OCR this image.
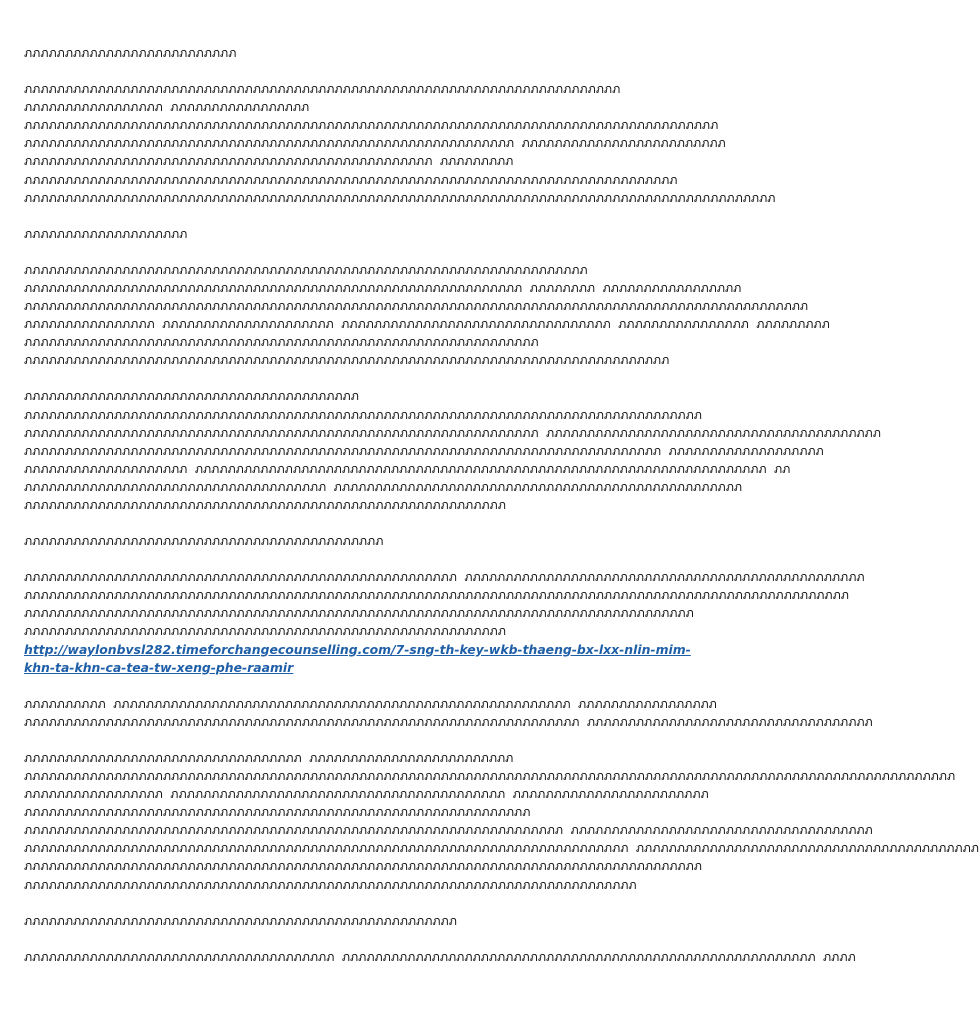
ภภภภภภภภภภภภภภภภภภภภภภภภภภ
ภภภภภภภภภภภภภภภภภภภภภภภภภภภภภภภภภภภภภภภภภภภภภภภภภภภภภภภภภภภภภภภภภภภภภภภภภ
ภภภภภภภภภภภภภภภภภ ภภภภภภภภภภภภภภภภภ
ภภภภภภภภภภภภภภภภภภภภภภภภภภภภภภภภภภภภภภภภภภภภภภภภภภภภภภภภภภภภภภภภภภภภภภภภภภภภภภภภภภภภภ
ภภภภภภภภภภภภภภภภภภภภภภภภภภภภภภภภภภภภภภภภภภภภภภภภภภภภภภภภภภภภ ภภภภภภภภภภภภภภภภภภภภภภภภภ
ภภภภภภภภภภภภภภภภภภภภภภภภภภภภภภภภภภภภภภภภภภภภภภภภภภ ภภภภภภภภภ
ภภภภภภภภภภภภภภภภภภภภภภภภภภภภภภภภภภภภภภภภภภภภภภภภภภภภภภภภภภภภภภภภภภภภภภภภภภภภภภภภ
ภภภภภภภภภภภภภภภภภภภภภภภภภภภภภภภภภภภภภภภภภภภภภภภภภภภภภภภภภภภภภภภภภภภภภภภภภภภภภภภภภภภภภภภภภภภภ
ภภภภภภภภภภภภภภภภภภภภ
ภภภภภภภภภภภภภภภภภภภภภภภภภภภภภภภภภภภภภภภภภภภภภภภภภภภภภภภภภภภภภภภภภภภภภ
ภภภภภภภภภภภภภภภภภภภภภภภภภภภภภภภภภภภภภภภภภภภภภภภภภภภภภภภภภภภภภ ภภภภภภภภ ภภภภภภภภภภภภภภภภภ
ภภภภภภภภภภภภภภภภภภภภภภภภภภภภภภภภภภภภภภภภภภภภภภภภภภภภภภภภภภภภภภภภภภภภภภภภภภภภภภภภภภภภภภภภภภภภภภภภ
ภภภภภภภภภภภภภภภภ ภภภภภภภภภภภภภภภภภภภภภ ภภภภภภภภภภภภภภภภภภภภภภภภภภภภภภภภภ ภภภภภภภภภภภภภภภภ ภภภภภภภภภ
ภภภภภภภภภภภภภภภภภภภภภภภภภภภภภภภภภภภภภภภภภภภภภภภภภภภภภภภภภภภภภภภ
ภภภภภภภภภภภภภภภภภภภภภภภภภภภภภภภภภภภภภภภภภภภภภภภภภภภภภภภภภภภภภภภภภภภภภภภภภภภภภภภ
ภภภภภภภภภภภภภภภภภภภภภภภภภภภภภภภภภภภภภภภภภ
ภภภภภภภภภภภภภภภภภภภภภภภภภภภภภภภภภภภภภภภภภภภภภภภภภภภภภภภภภภภภภภภภภภภภภภภภภภภภภภภภภภภ
ภภภภภภภภภภภภภภภภภภภภภภภภภภภภภภภภภภภภภภภภภภภภภภภภภภภภภภภภภภภภภภภ ภภภภภภภภภภภภภภภภภภภภภภภภภภภภภภภภภภภภภภภภภ
ภภภภภภภภภภภภภภภภภภภภภภภภภภภภภภภภภภภภภภภภภภภภภภภภภภภภภภภภภภภภภภภภภภภภภภภภภภภภภภ ภภภภภภภภภภภภภภภภภภภ
ภภภภภภภภภภภภภภภภภภภภ ภภภภภภภภภภภภภภภภภภภภภภภภภภภภภภภภภภภภภภภภภภภภภภภภภภภภภภภภภภภภภภภภภภภภภภ ภภ
ภภภภภภภภภภภภภภภภภภภภภภภภภภภภภภภภภภภภภ ภภภภภภภภภภภภภภภภภภภภภภภภภภภภภภภภภภภภภภภภภภภภภภภภภภ
ภภภภภภภภภภภภภภภภภภภภภภภภภภภภภภภภภภภภภภภภภภภภภภภภภภภภภภภภภภภ
ภภภภภภภภภภภภภภภภภภภภภภภภภภภภภภภภภภภภภภภภภภภภ
ภภภภภภภภภภภภภภภภภภภภภภภภภภภภภภภภภภภภภภภภภภภภภภภภภภภภภ ภภภภภภภภภภภภภภภภภภภภภภภภภภภภภภภภภภภภภภภภภภภภภภภภภ
ภภภภภภภภภภภภภภภภภภภภภภภภภภภภภภภภภภภภภภภภภภภภภภภภภภภภภภภภภภภภภภภภภภภภภภภภภภภภภภภภภภภภภภภภภภภภภภภภภภภภภ
ภภภภภภภภภภภภภภภภภภภภภภภภภภภภภภภภภภภภภภภภภภภภภภภภภภภภภภภภภภภภภภภภภภภภภภภภภภภภภภภภภภ
ภภภภภภภภภภภภภภภภภภภภภภภภภภภภภภภภภภภภภภภภภภภภภภภภภภภภภภภภภภภ
http://waylonbvsl282.timeforchangecounselling.com/7-sng-th-key-wkb-thaeng-bx-lxx-nlin-mim-khn-ta-khn-ca-tea-tw-xeng-phe-raamir
ภภภภภภภภภภ ภภภภภภภภภภภภภภภภภภภภภภภภภภภภภภภภภภภภภภภภภภภภภภภภภภภภภภภภ ภภภภภภภภภภภภภภภภภ
ภภภภภภภภภภภภภภภภภภภภภภภภภภภภภภภภภภภภภภภภภภภภภภภภภภภภภภภภภภภภภภภภภภภภ ภภภภภภภภภภภภภภภภภภภภภภภภภภภภภภภภภภภ
ภภภภภภภภภภภภภภภภภภภภภภภภภภภภภภภภภภ ภภภภภภภภภภภภภภภภภภภภภภภภภ
ภภภภภภภภภภภภภภภภภภภภภภภภภภภภภภภภภภภภภภภภภภภภภภภภภภภภภภภภภภภภภภภภภภภภภภภภภภภภภภภภภภภภภภภภภภภภภภภภภภภภภภภภภภภภภภภภภภ
ภภภภภภภภภภภภภภภภภ ภภภภภภภภภภภภภภภภภภภภภภภภภภภภภภภภภภภภภภภภภ ภภภภภภภภภภภภภภภภภภภภภภภภ
ภภภภภภภภภภภภภภภภภภภภภภภภภภภภภภภภภภภภภภภภภภภภภภภภภภภภภภภภภภภภภภ
ภภภภภภภภภภภภภภภภภภภภภภภภภภภภภภภภภภภภภภภภภภภภภภภภภภภภภภภภภภภภภภภภภภ ภภภภภภภภภภภภภภภภภภภภภภภภภภภภภภภภภภภภภ
ภภภภภภภภภภภภภภภภภภภภภภภภภภภภภภภภภภภภภภภภภภภภภภภภภภภภภภภภภภภภภภภภภภภภภภภภภภ ภภภภภภภภภภภภภภภภภภภภภภภภภภภภภภภภภภภภภภภภภภ
ภภภภภภภภภภภภภภภภภภภภภภภภภภภภภภภภภภภภภภภภภภภภภภภภภภภภภภภภภภภภภภภภภภภภภภภภภภภภภภภภภภภ
ภภภภภภภภภภภภภภภภภภภภภภภภภภภภภภภภภภภภภภภภภภภภภภภภภภภภภภภภภภภภภภภภภภภภภภภภภภภ
ภภภภภภภภภภภภภภภภภภภภภภภภภภภภภภภภภภภภภภภภภภภภภภภภภภภภภ
ภภภภภภภภภภภภภภภภภภภภภภภภภภภภภภภภภภภภภภ ภภภภภภภภภภภภภภภภภภภภภภภภภภภภภภภภภภภภภภภภภภภภภภภภภภภภภภภภภภ ภภภภ
